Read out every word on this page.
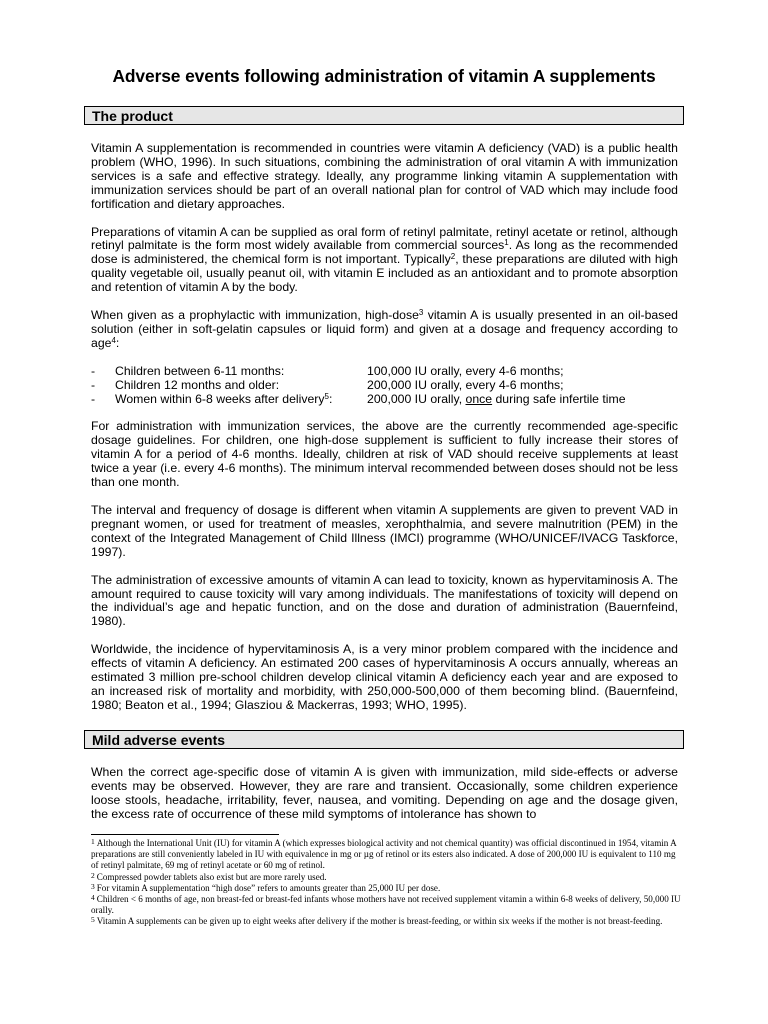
Adverse events following administration of vitamin A supplements
The product

Vitamin A supplementation is recommended in countries were vitamin A deficiency (VAD) is a public health problem (WHO, 1996). In such situations, combining the administration of oral vitamin A with immunization services is a safe and effective strategy. Ideally, any programme linking vitamin A supplementation with immunization services should be part of an overall national plan for control of VAD which may include food fortification and dietary approaches.

Preparations of vitamin A can be supplied as oral form of retinyl palmitate, retinyl acetate or retinol, although retinyl palmitate is the form most widely available from commercial sources$^1$. As long as the recommended dose is administered, the chemical form is not important. Typically$^2$, these preparations are diluted with high quality vegetable oil, usually peanut oil, with vitamin E included as an antioxidant and to promote absorption and retention of vitamin A by the body.

When given as a prophylactic with immunization, high-dose$^3$ vitamin A is usually presented in an oil-based solution (either in soft-gelatin capsules or liquid form) and given at a dosage and frequency according to age$^4$:

-	Children between 6-11 months:	100,000 IU orally, every 4-6 months;
-	Children 12 months and older:	200,000 IU orally, every 4-6 months;
-	Women within 6-8 weeks after delivery$^5$:	200,000 IU orally, once during safe infertile time

For administration with immunization services, the above are the currently recommended age-specific dosage guidelines. For children, one high-dose supplement is sufficient to fully increase their stores of vitamin A for a period of 4-6 months. Ideally, children at risk of VAD should receive supplements at least twice a year (i.e. every 4-6 months). The minimum interval recommended between doses should not be less than one month.

The interval and frequency of dosage is different when vitamin A supplements are given to prevent VAD in pregnant women, or used for treatment of measles, xerophthalmia, and severe malnutrition (PEM) in the context of the Integrated Management of Child Illness (IMCI) programme (WHO/UNICEF/IVACG Taskforce, 1997).

The administration of excessive amounts of vitamin A can lead to toxicity, known as hypervitaminosis A. The amount required to cause toxicity will vary among individuals. The manifestations of toxicity will depend on the individual’s age and hepatic function, and on the dose and duration of administration (Bauernfeind, 1980).

Worldwide, the incidence of hypervitaminosis A, is a very minor problem compared with the incidence and effects of vitamin A deficiency. An estimated 200 cases of hypervitaminosis A occurs annually, whereas an estimated 3 million pre-school children develop clinical vitamin A deficiency each year and are exposed to an increased risk of mortality and morbidity, with 250,000-500,000 of them becoming blind. (Bauernfeind, 1980; Beaton et al., 1994; Glasziou & Mackerras, 1993; WHO, 1995).

Mild adverse events

When the correct age-specific dose of vitamin A is given with immunization, mild side-effects or adverse events may be observed. However, they are rare and transient. Occasionally, some children experience loose stools, headache, irritability, fever, nausea, and vomiting. Depending on age and the dosage given, the excess rate of occurrence of these mild symptoms of intolerance has shown to

$^1$ Although the International Unit (IU) for vitamin A (which expresses biological activity and not chemical quantity) was official discontinued in 1954, vitamin A preparations are still conveniently labeled in IU with equivalence in mg or µg of retinol or its esters also indicated. A dose of 200,000 IU is equivalent to 110 mg of retinyl palmitate, 69 mg of retinyl acetate or 60 mg of retinol.

$^2$ Compressed powder tablets also exist but are more rarely used.

$^3$ For vitamin A supplementation “high dose” refers to amounts greater than 25,000 IU per dose.

$^4$ Children < 6 months of age, non breast-fed or breast-fed infants whose mothers have not received supplement vitamin a within 6-8 weeks of delivery, 50,000 IU orally.

$^5$ Vitamin A supplements can be given up to eight weeks after delivery if the mother is breast-feeding, or within six weeks if the mother is not breast-feeding.
